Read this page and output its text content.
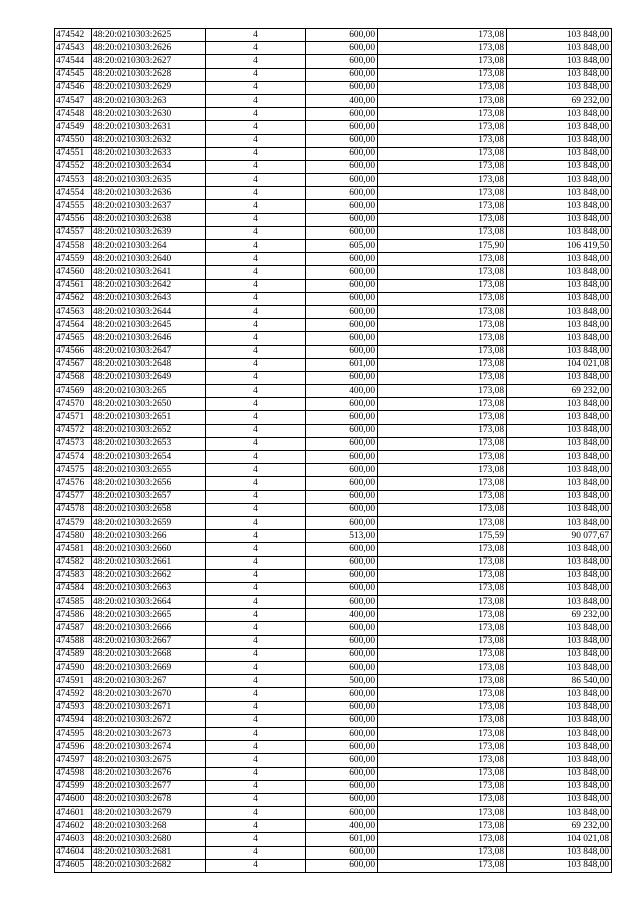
474542	48:20:0210303:2625	4	600,00	173,08	103 848,00
474543	48:20:0210303:2626	4	600,00	173,08	103 848,00
474544	48:20:0210303:2627	4	600,00	173,08	103 848,00
474545	48:20:0210303:2628	4	600,00	173,08	103 848,00
474546	48:20:0210303:2629	4	600,00	173,08	103 848,00
474547	48:20:0210303:263	4	400,00	173,08	69 232,00
474548	48:20:0210303:2630	4	600,00	173,08	103 848,00
474549	48:20:0210303:2631	4	600,00	173,08	103 848,00
474550	48:20:0210303:2632	4	600,00	173,08	103 848,00
474551	48:20:0210303:2633	4	600,00	173,08	103 848,00
474552	48:20:0210303:2634	4	600,00	173,08	103 848,00
474553	48:20:0210303:2635	4	600,00	173,08	103 848,00
474554	48:20:0210303:2636	4	600,00	173,08	103 848,00
474555	48:20:0210303:2637	4	600,00	173,08	103 848,00
474556	48:20:0210303:2638	4	600,00	173,08	103 848,00
474557	48:20:0210303:2639	4	600,00	173,08	103 848,00
474558	48:20:0210303:264	4	605,00	175,90	106 419,50
474559	48:20:0210303:2640	4	600,00	173,08	103 848,00
474560	48:20:0210303:2641	4	600,00	173,08	103 848,00
474561	48:20:0210303:2642	4	600,00	173,08	103 848,00
474562	48:20:0210303:2643	4	600,00	173,08	103 848,00
474563	48:20:0210303:2644	4	600,00	173,08	103 848,00
474564	48:20:0210303:2645	4	600,00	173,08	103 848,00
474565	48:20:0210303:2646	4	600,00	173,08	103 848,00
474566	48:20:0210303:2647	4	600,00	173,08	103 848,00
474567	48:20:0210303:2648	4	601,00	173,08	104 021,08
474568	48:20:0210303:2649	4	600,00	173,08	103 848,00
474569	48:20:0210303:265	4	400,00	173,08	69 232,00
474570	48:20:0210303:2650	4	600,00	173,08	103 848,00
474571	48:20:0210303:2651	4	600,00	173,08	103 848,00
474572	48:20:0210303:2652	4	600,00	173,08	103 848,00
474573	48:20:0210303:2653	4	600,00	173,08	103 848,00
474574	48:20:0210303:2654	4	600,00	173,08	103 848,00
474575	48:20:0210303:2655	4	600,00	173,08	103 848,00
474576	48:20:0210303:2656	4	600,00	173,08	103 848,00
474577	48:20:0210303:2657	4	600,00	173,08	103 848,00
474578	48:20:0210303:2658	4	600,00	173,08	103 848,00
474579	48:20:0210303:2659	4	600,00	173,08	103 848,00
474580	48:20:0210303:266	4	513,00	175,59	90 077,67
474581	48:20:0210303:2660	4	600,00	173,08	103 848,00
474582	48:20:0210303:2661	4	600,00	173,08	103 848,00
474583	48:20:0210303:2662	4	600,00	173,08	103 848,00
474584	48:20:0210303:2663	4	600,00	173,08	103 848,00
474585	48:20:0210303:2664	4	600,00	173,08	103 848,00
474586	48:20:0210303:2665	4	400,00	173,08	69 232,00
474587	48:20:0210303:2666	4	600,00	173,08	103 848,00
474588	48:20:0210303:2667	4	600,00	173,08	103 848,00
474589	48:20:0210303:2668	4	600,00	173,08	103 848,00
474590	48:20:0210303:2669	4	600,00	173,08	103 848,00
474591	48:20:0210303:267	4	500,00	173,08	86 540,00
474592	48:20:0210303:2670	4	600,00	173,08	103 848,00
474593	48:20:0210303:2671	4	600,00	173,08	103 848,00
474594	48:20:0210303:2672	4	600,00	173,08	103 848,00
474595	48:20:0210303:2673	4	600,00	173,08	103 848,00
474596	48:20:0210303:2674	4	600,00	173,08	103 848,00
474597	48:20:0210303:2675	4	600,00	173,08	103 848,00
474598	48:20:0210303:2676	4	600,00	173,08	103 848,00
474599	48:20:0210303:2677	4	600,00	173,08	103 848,00
474600	48:20:0210303:2678	4	600,00	173,08	103 848,00
474601	48:20:0210303:2679	4	600,00	173,08	103 848,00
474602	48:20:0210303:268	4	400,00	173,08	69 232,00
474603	48:20:0210303:2680	4	601,00	173,08	104 021,08
474604	48:20:0210303:2681	4	600,00	173,08	103 848,00
474605	48:20:0210303:2682	4	600,00	173,08	103 848,00
